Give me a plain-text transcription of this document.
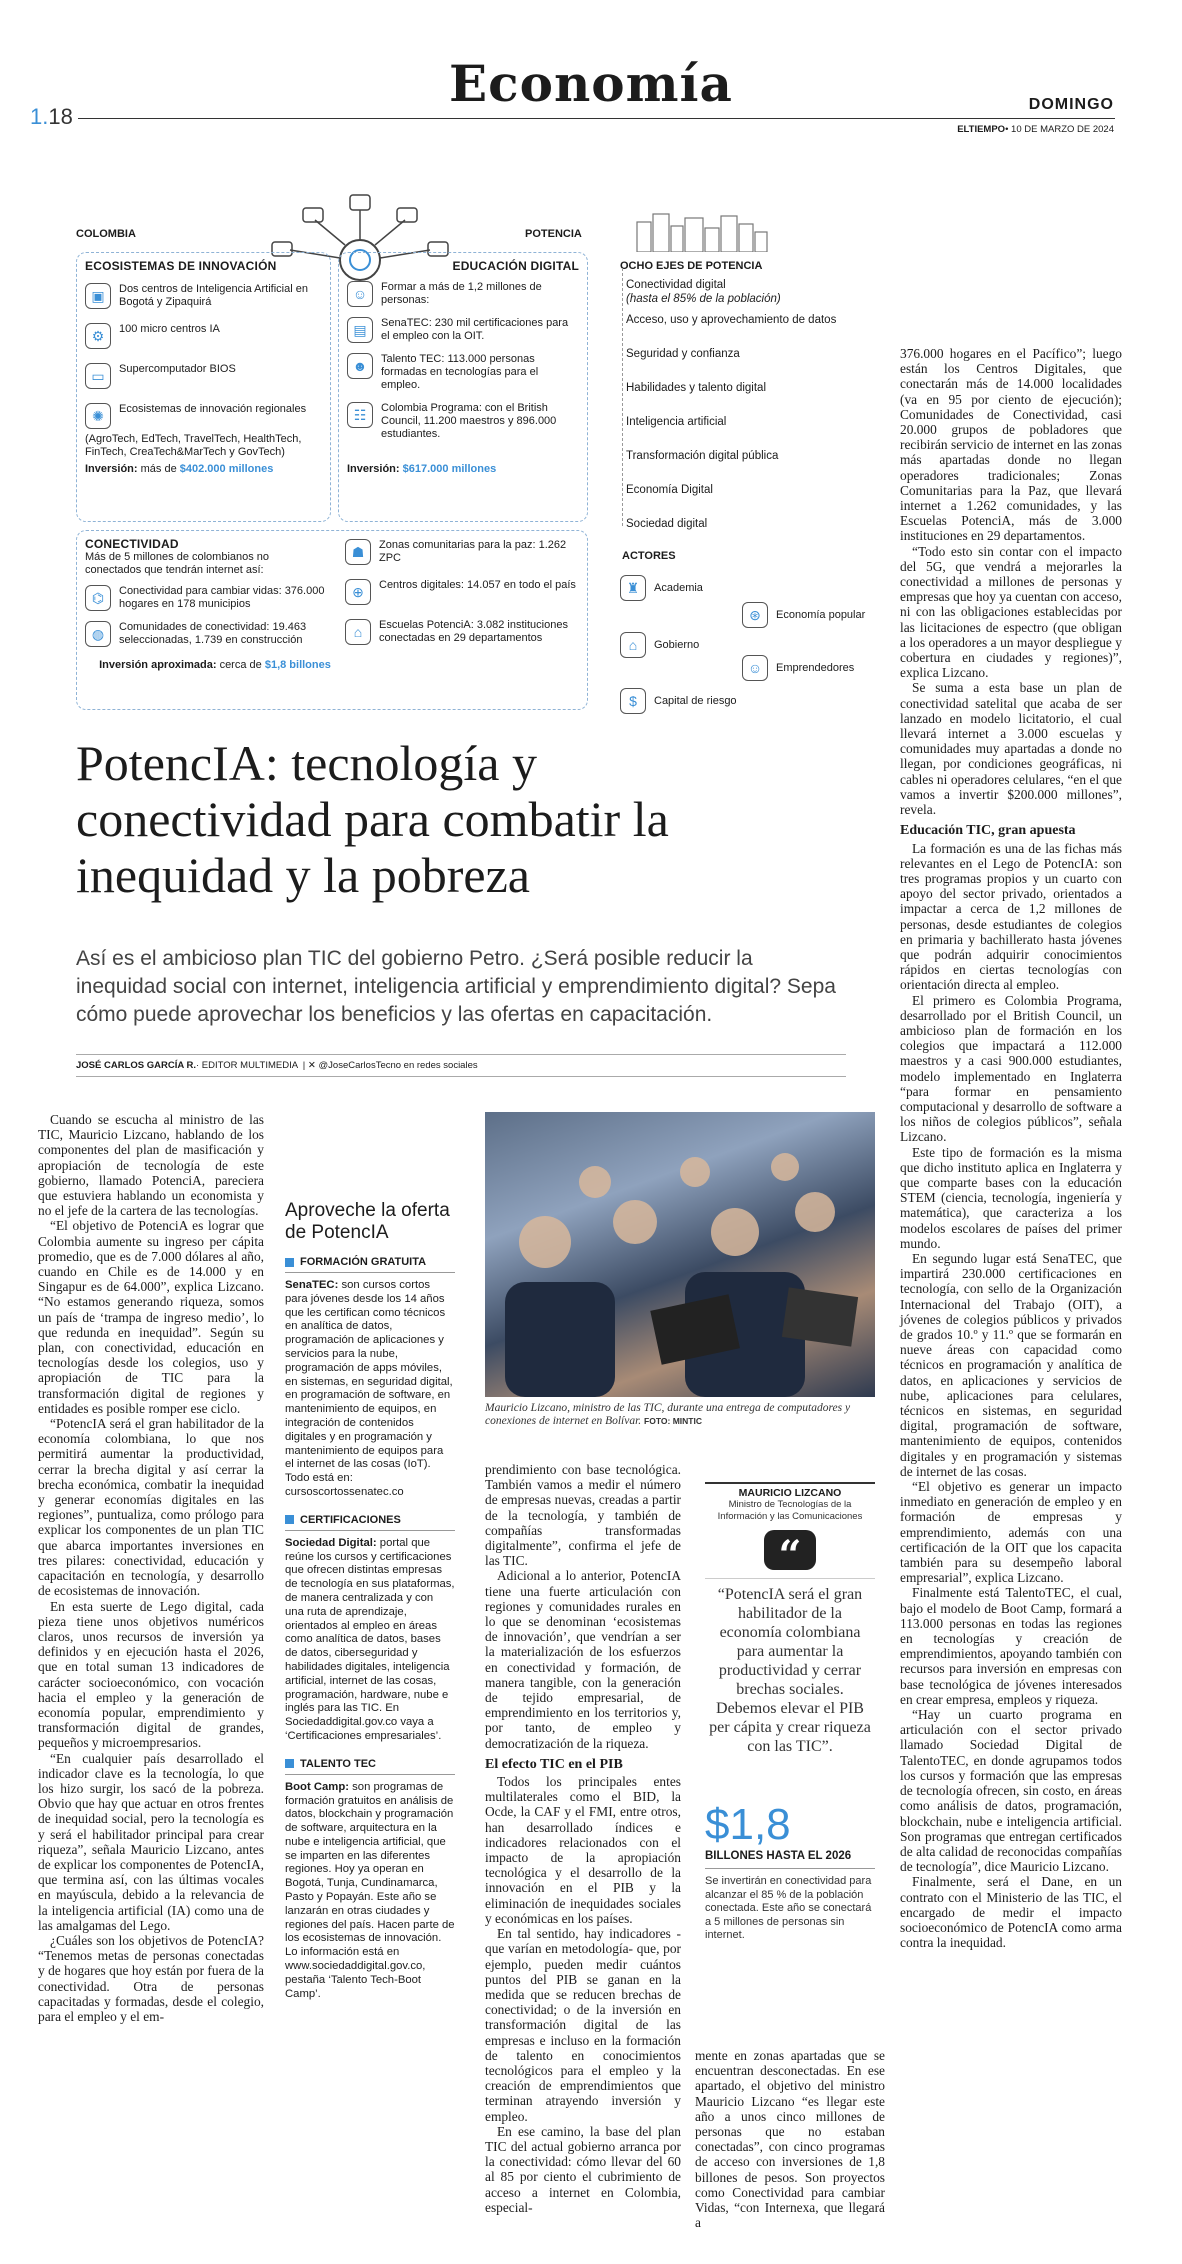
1.18
Economía	DOMINGO
ELTIEMPO• 10 DE MARZO DE 2024
COLOMBIA	POTENCIA
ECOSISTEMAS DE INNOVACIÓN
▣	Dos centros de Inteligencia Artificial en Bogotá y Zipaquirá
⚙	100 micro centros IA
▭	Supercomputador BIOS
✺	Ecosistemas de innovación regionales
(AgroTech, EdTech, TravelTech, HealthTech, FinTech, CreaTech&MarTech y GovTech)
Inversión: más de $402.000 millones
EDUCACIÓN DIGITAL
☺	Formar a más de 1,2 millones de personas:
▤	SenaTEC: 230 mil certificaciones para el empleo con la OIT.
☻	Talento TEC: 113.000 personas formadas en tecnologías para el empleo.
☷	Colombia Programa: con el British Council, 11.200 maestros y 896.000 estudiantes.
Inversión: $617.000 millones
CONECTIVIDAD
Más de 5 millones de colombianos no conectados que tendrán internet así:
⌬	Conectividad para cambiar vidas: 376.000 hogares en 178 municipios
◍	Comunidades de conectividad: 19.463 seleccionadas, 1.739 en construcción
Inversión aproximada: cerca de $1,8 billones
☗	Zonas comunitarias para la paz: 1.262 ZPC
⊕	Centros digitales: 14.057 en todo el país
⌂	Escuelas PotenciA: 3.082 instituciones conectadas en 29 departamentos
OCHO EJES DE POTENCIA
Conectividad digital
(hasta el 85% de la población)
Acceso, uso y aprovechamiento de datos
Seguridad y confianza
Habilidades y talento digital
Inteligencia artificial
Transformación digital pública
Economía Digital
Sociedad digital
ACTORES
♜	Academia
⌂	Gobierno
$	Capital de riesgo
⊛	Economía popular
☺	Emprendedores
PotencIA: tecnología y conectividad para combatir la inequidad y la pobreza
Así es el ambicioso plan TIC del gobierno Petro. ¿Será posible reducir la inequidad social con internet, inteligencia artificial y emprendimiento digital? Sepa cómo puede aprovechar los beneficios y las ofertas en capacitación.
JOSÉ CARLOS GARCÍA R.· EDITOR MULTIMEDIA  | ✕ @JoseCarlosTecno en redes sociales

Cuando se escucha al ministro de las TIC, Mauricio Lizcano, hablando de los componentes del plan de masificación y apropiación de tecnología de este gobierno, llamado PotenciA, pareciera que estuviera hablando un economista y no el jefe de la cartera de las tecnologías.

“El objetivo de PotenciA es lograr que Colombia aumente su ingreso per cápita promedio, que es de 7.000 dólares al año, cuando en Chile es de 14.000 y en Singapur es de 64.000”, explica Lizcano. “No estamos generando riqueza, somos un país de ‘trampa de ingreso medio’, lo que redunda en inequidad”. Según su plan, con conectividad, educación en tecnologías desde los colegios, uso y apropiación de TIC para la transformación digital de regiones y entidades es posible romper ese ciclo.

“PotencIA será el gran habilitador de la economía colombiana, lo que nos permitirá aumentar la productividad, cerrar la brecha digital y así cerrar la brecha económica, combatir la inequidad y generar economías digitales en las regiones”, puntualiza, como prólogo para explicar los componentes de un plan TIC que abarca importantes inversiones en tres pilares: conectividad, educación y capacitación en tecnología, y desarrollo de ecosistemas de innovación.

En esta suerte de Lego digital, cada pieza tiene unos objetivos numéricos claros, unos recursos de inversión ya definidos y en ejecución hasta el 2026, que en total suman 13 indicadores de carácter socioeconómico, con vocación hacia el empleo y la generación de economía popular, emprendimiento y transformación digital de grandes, pequeños y microempresarios.

“En cualquier país desarrollado el indicador clave es la tecnología, lo que los hizo surgir, los sacó de la pobreza. Obvio que hay que actuar en otros frentes de inequidad social, pero la tecnología es y será el habilitador principal para crear riqueza”, señala Mauricio Lizcano, antes de explicar los componentes de PotencIA, que termina así, con las últimas vocales en mayúscula, debido a la relevancia de la inteligencia artificial (IA) como una de las amalgamas del Lego.

¿Cuáles son los objetivos de PotencIA? “Tenemos metas de personas conectadas y de hogares que hoy están por fuera de la conectividad. Otra de personas capacitadas y formadas, desde el colegio, para el empleo y el em-

Aproveche la oferta de PotencIA
FORMACIÓN GRATUITA
SenaTEC: son cursos cortos para jóvenes desde los 14 años que les certifican como técnicos en analítica de datos, programación de aplicaciones y servicios para la nube, programación de apps móviles, en sistemas, en seguridad digital, en programación de software, en mantenimiento de equipos, en integración de contenidos digitales y en programación y mantenimiento de equipos para el internet de las cosas (IoT). Todo está en: cursoscortossenatec.co
CERTIFICACIONES
Sociedad Digital: portal que reúne los cursos y certificaciones que ofrecen distintas empresas de tecnología en sus plataformas, de manera centralizada y con una ruta de aprendizaje, orientados al empleo en áreas como analítica de datos, bases de datos, ciberseguridad y habilidades digitales, inteligencia artificial, internet de las cosas, programación, hardware, nube e inglés para las TIC. En Sociedaddigital.gov.co vaya a ‘Certificaciones empresariales’.
TALENTO TEC
Boot Camp: son programas de formación gratuitos en análisis de datos, blockchain y programación de software, arquitectura en la nube e inteligencia artificial, que se imparten en las diferentes regiones. Hoy ya operan en Bogotá, Tunja, Cundinamarca, Pasto y Popayán. Este año se lanzarán en otras ciudades y regiones del país. Hacen parte de los ecosistemas de innovación. Lo información está en www.sociedaddigital.gov.co, pestaña ‘Talento Tech-Boot Camp’.
Mauricio Lizcano, ministro de las TIC, durante una entrega de computadores y conexiones de internet en Bolívar. FOTO: MINTIC

prendimiento con base tecnológica. También vamos a medir el número de empresas nuevas, creadas a partir de la tecnología, y también de compañías transformadas digitalmente”, confirma el jefe de las TIC.

Adicional a lo anterior, PotencIA tiene una fuerte articulación con regiones y comunidades rurales en lo que se denominan ‘ecosistemas de innovación’, que vendrían a ser la materialización de los esfuerzos en conectividad y formación, de manera tangible, con la generación de tejido empresarial, de emprendimiento en los territorios y, por tanto, de empleo y democratización de la riqueza.

El efecto TIC en el PIB

Todos los principales entes multilaterales como el BID, la Ocde, la CAF y el FMI, entre otros, han desarrollado índices e indicadores relacionados con el impacto de la apropiación tecnológica y el desarrollo de la innovación en el PIB y la eliminación de inequidades sociales y económicas en los países.

En tal sentido, hay indicadores -que varían en metodología- que, por ejemplo, pueden medir cuántos puntos del PIB se ganan en la medida que se reducen brechas de conectividad; o de la inversión en transformación digital de las empresas e incluso en la formación de talento en conocimientos tecnológicos para el empleo y la creación de emprendimientos que terminan atrayendo inversión y empleo.

En ese camino, la base del plan TIC del actual gobierno arranca por la conectividad: cómo llevar del 60 al 85 por ciento el cubrimiento de acceso a internet en Colombia, especial-

MAURICIO LIZCANO
Ministro de Tecnologías de la Información y las Comunicaciones
“
“PotencIA será el gran habilitador de la economía colombiana para aumentar la productividad y cerrar brechas sociales. Debemos elevar el PIB per cápita y crear riqueza con las TIC”.
$1,8
BILLONES HASTA EL 2026
Se invertirán en conectividad para alcanzar el 85 % de la población conectada. Este año se conectará a 5 millones de personas sin internet.

mente en zonas apartadas que se encuentran desconectadas. En ese apartado, el objetivo del ministro Mauricio Lizcano “es llegar este año a unos cinco millones de personas que no estaban conectadas”, con cinco programas de acceso con inversiones de 1,8 billones de pesos. Son proyectos como Conectividad para cambiar Vidas, “con Internexa, que llegará a

376.000 hogares en el Pacífico”; luego están los Centros Digitales, que conectarán más de 14.000 localidades (va en 95 por ciento de ejecución); Comunidades de Conectividad, casi 20.000 grupos de pobladores que recibirán servicio de internet en las zonas más apartadas donde no llegan operadores tradicionales; Zonas Comunitarias para la Paz, que llevará internet a 1.262 comunidades, y las Escuelas PotenciA, más de 3.000 instituciones en 29 departamentos.

“Todo esto sin contar con el impacto del 5G, que vendrá a mejorarles la conectividad a millones de personas y empresas que hoy ya cuentan con acceso, ni con las obligaciones establecidas por las licitaciones de espectro (que obligan a los operadores a un mayor despliegue y cobertura en ciudades y regiones)”, explica Lizcano.

Se suma a esta base un plan de conectividad satelital que acaba de ser lanzado en modelo licitatorio, el cual llevará internet a 3.000 escuelas y comunidades muy apartadas a donde no llegan, por condiciones geográficas, ni cables ni operadores celulares, “en el que vamos a invertir $200.000 millones”, revela.

Educación TIC, gran apuesta

La formación es una de las fichas más relevantes en el Lego de PotencIA: son tres programas propios y un cuarto con apoyo del sector privado, orientados a impactar a cerca de 1,2 millones de personas, desde estudiantes de colegios en primaria y bachillerato hasta jóvenes que podrán adquirir conocimientos rápidos en ciertas tecnologías con orientación directa al empleo.

El primero es Colombia Programa, desarrollado por el British Council, un ambicioso plan de formación en los colegios que impactará a 112.000 maestros y a casi 900.000 estudiantes, modelo implementado en Inglaterra “para formar en pensamiento computacional y desarrollo de software a los niños de colegios públicos”, señala Lizcano.

Este tipo de formación es la misma que dicho instituto aplica en Inglaterra y que comparte bases con la educación STEM (ciencia, tecnología, ingeniería y matemática), que caracteriza a los modelos escolares de países del primer mundo.

En segundo lugar está SenaTEC, que impartirá 230.000 certificaciones en tecnología, con sello de la Organización Internacional del Trabajo (OIT), a jóvenes de colegios públicos y privados de grados 10.º y 11.º que se formarán en nueve áreas con capacidad como técnicos en programación y analítica de datos, en aplicaciones y servicios de nube, aplicaciones para celulares, técnicos en sistemas, en seguridad digital, programación de software, mantenimiento de equipos, contenidos digitales y en programación y sistemas de internet de las cosas.

“El objetivo es generar un impacto inmediato en generación de empleo y en formación de empresas y emprendimiento, además con una certificación de la OIT que los capacita también para su desempeño laboral empresarial”, explica Lizcano.

Finalmente está TalentoTEC, el cual, bajo el modelo de Boot Camp, formará a 113.000 personas en todas las regiones en tecnologías y creación de emprendimientos, apoyando también con recursos para inversión en empresas con base tecnológica de jóvenes interesados en crear empresa, empleos y riqueza.

“Hay un cuarto programa en articulación con el sector privado llamado Sociedad Digital de TalentoTEC, en donde agrupamos todos los cursos y formación que las empresas de tecnología ofrecen, sin costo, en áreas como análisis de datos, programación, blockchain, nube e inteligencia artificial. Son programas que entregan certificados de alta calidad de reconocidas compañías de tecnología”, dice Mauricio Lizcano.

Finalmente, será el Dane, en un contrato con el Ministerio de las TIC, el encargado de medir el impacto socioeconómico de PotencIA como arma contra la inequidad.
